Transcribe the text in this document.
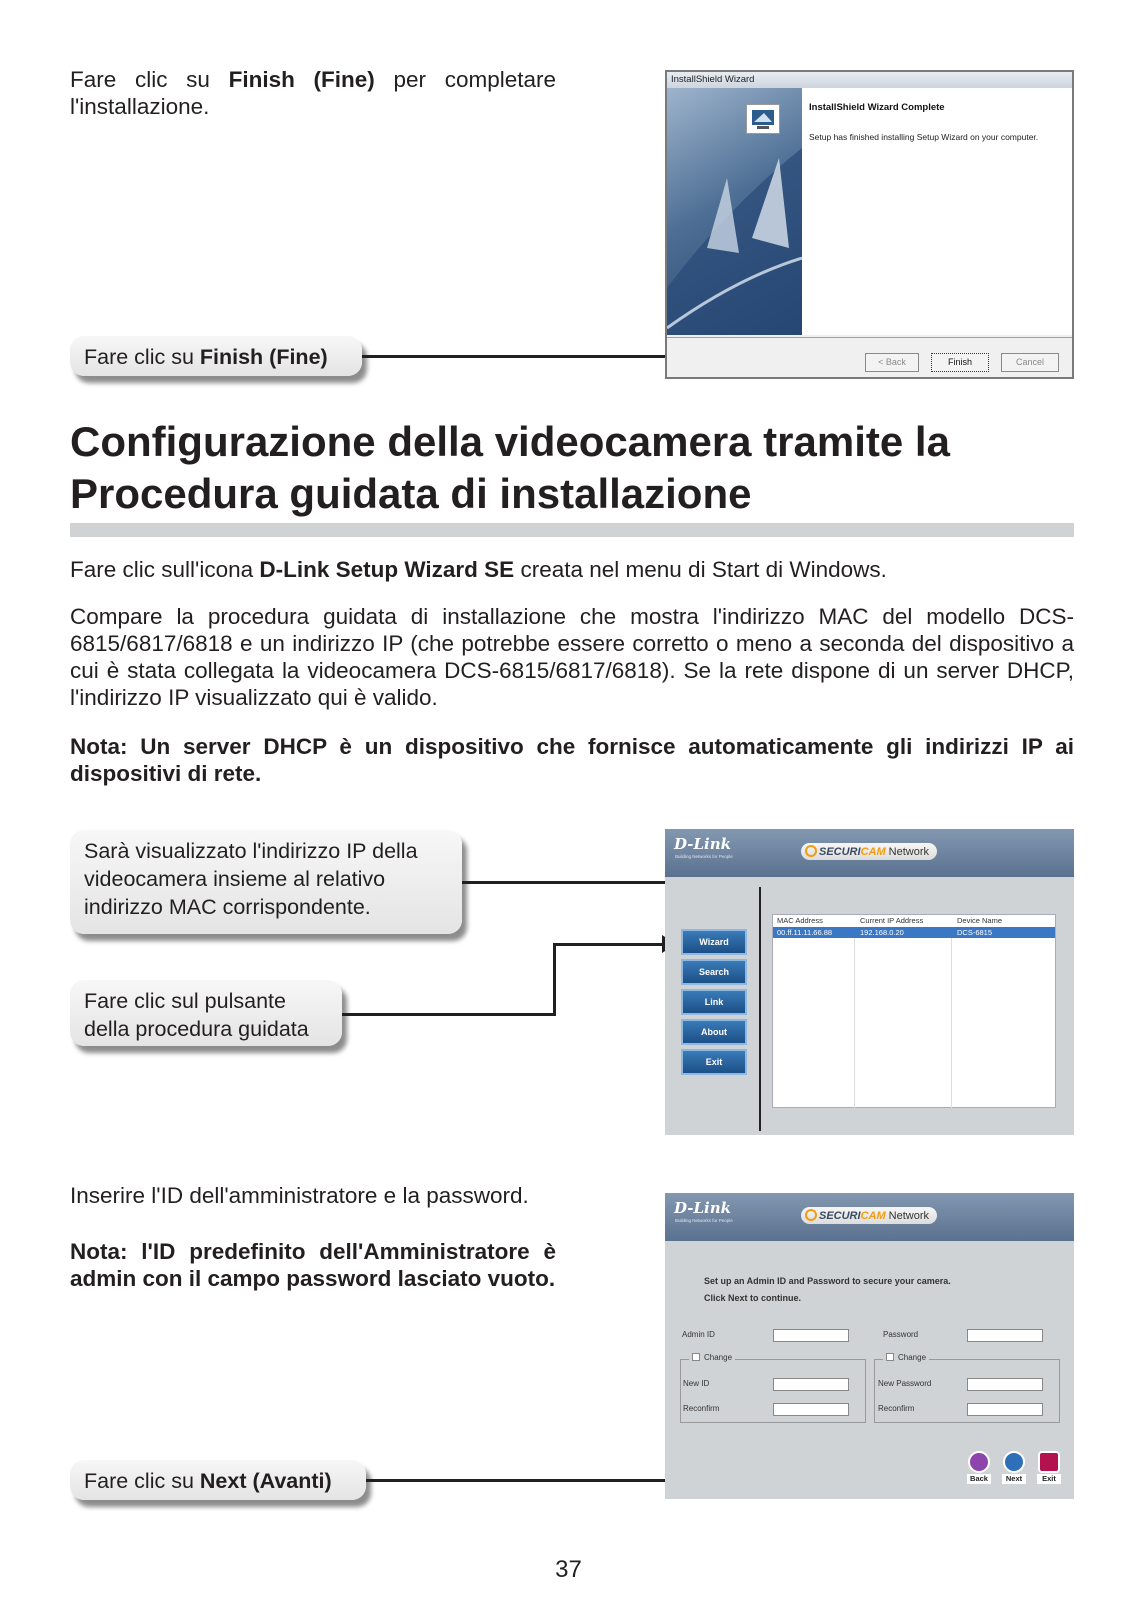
Fare clic su Finish (Fine) per completare l'installazione.
Fare clic su Finish (Fine)
InstallShield Wizard
InstallShield Wizard Complete
Setup has finished installing Setup Wizard on your computer.
< Back	Finish	Cancel
Configurazione della videocamera tramite la
Procedura guidata di installazione
Fare clic sull'icona D-Link Setup Wizard SE creata nel menu di Start di Windows.
Compare la procedura guidata di installazione che mostra l'indirizzo MAC del modello DCS-6815/6817/6818 e un indirizzo IP (che potrebbe essere corretto o meno a seconda del dispositivo a cui è stata collegata la videocamera DCS-6815/6817/6818). Se la rete dispone di un server DHCP, l'indirizzo IP visualizzato qui è valido.
Nota: Un server DHCP è un dispositivo che fornisce automaticamente gli indirizzi IP ai dispositivi di rete.
Sarà visualizzato l'indirizzo IP della videocamera insieme al relativo indirizzo MAC corrispondente.
Fare clic sul pulsante della procedura guidata
D-Link
Building Networks for People	SECURICAM Network
Wizard
Search
Link
About
Exit
MAC Address	Current IP Address	Device Name
00.ff.11.11.66.88	192.168.0.20	DCS-6815
Inserire l'ID dell'amministratore e la password.
Nota: l'ID predefinito dell'Amministratore è admin con il campo password lasciato vuoto.
Fare clic su Next (Avanti)
D-Link
Building Networks for People	SECURICAM Network
Set up an Admin ID and Password to secure your camera.
Click Next to continue.
Admin ID	Password
Change
New ID
Reconfirm
Change
New Password
Reconfirm
Back	Next	Exit
37
